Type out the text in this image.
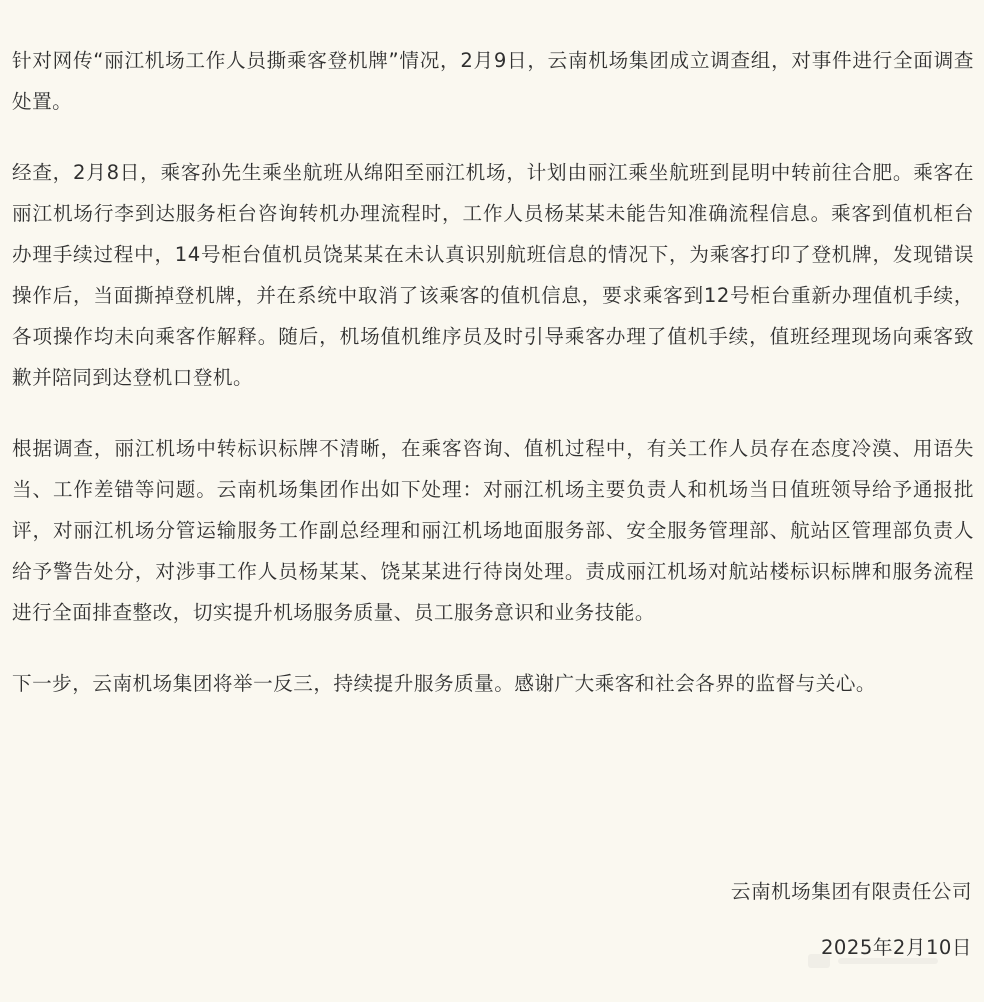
针对网传“丽江机场工作人员撕乘客登机牌”情况，2月9日，云南机场集团成立调查组，对事件进行全面调查处置。

经查，2月8日，乘客孙先生乘坐航班从绵阳至丽江机场，计划由丽江乘坐航班到昆明中转前往合肥。乘客在丽江机场行李到达服务柜台咨询转机办理流程时，工作人员杨某某未能告知准确流程信息。乘客到值机柜台办理手续过程中，14号柜台值机员饶某某在未认真识别航班信息的情况下，为乘客打印了登机牌，发现错误操作后，当面撕掉登机牌，并在系统中取消了该乘客的值机信息，要求乘客到12号柜台重新办理值机手续，各项操作均未向乘客作解释。随后，机场值机维序员及时引导乘客办理了值机手续，值班经理现场向乘客致歉并陪同到达登机口登机。

根据调查，丽江机场中转标识标牌不清晰，在乘客咨询、值机过程中，有关工作人员存在态度冷漠、用语失当、工作差错等问题。云南机场集团作出如下处理：对丽江机场主要负责人和机场当日值班领导给予通报批评，对丽江机场分管运输服务工作副总经理和丽江机场地面服务部、安全服务管理部、航站区管理部负责人给予警告处分，对涉事工作人员杨某某、饶某某进行待岗处理。责成丽江机场对航站楼标识标牌和服务流程进行全面排查整改，切实提升机场服务质量、员工服务意识和业务技能。

下一步，云南机场集团将举一反三，持续提升服务质量。感谢广大乘客和社会各界的监督与关心。

云南机场集团有限责任公司

2025年2月10日
